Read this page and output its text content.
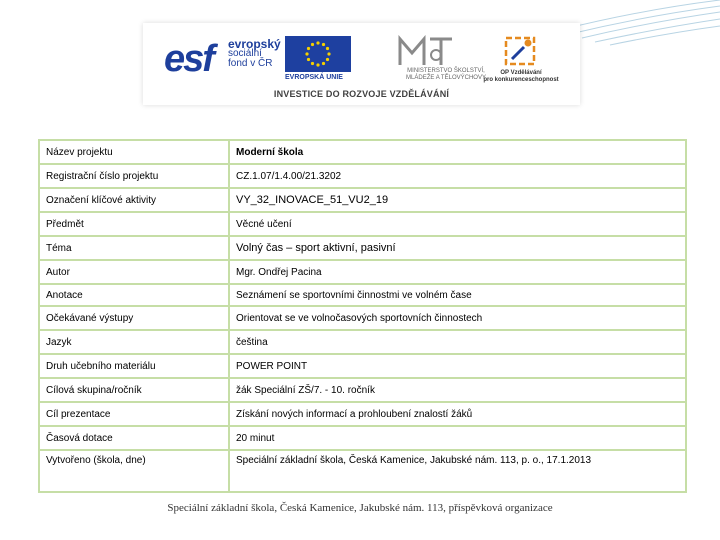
esf evropský
sociální
fond v ČR
EVROPSKÁ UNIE
MINISTERSTVO ŠKOLSTVÍ,
MLÁDEŽE A TĚLOVÝCHOVY
OP Vzdělávání
pro konkurenceschopnost
INVESTICE DO ROZVOJE VZDĚLÁVÁNÍ
Název projektu	Moderní škola
Registrační číslo projektu	CZ.1.07/1.4.00/21.3202
Označení klíčové aktivity	VY_32_INOVACE_51_VU2_19
Předmět	Věcné učení
Téma	Volný čas – sport aktivní, pasivní
Autor	Mgr. Ondřej Pacina
Anotace	Seznámení se sportovními činnostmi ve volném čase
Očekávané výstupy	Orientovat se ve volnočasových sportovních činnostech
Jazyk	čeština
Druh učebního materiálu	POWER POINT
Cílová skupina/ročník	žák Speciální ZŠ/7. - 10. ročník
Cíl prezentace	Získání nových informací a prohloubení znalostí žáků
Časová dotace	20 minut
Vytvořeno (škola, dne)	Speciální základní škola, Česká Kamenice, Jakubské nám. 113, p. o., 17.1.2013
Speciální základní škola, Česká Kamenice, Jakubské nám. 113, příspěvková organizace
